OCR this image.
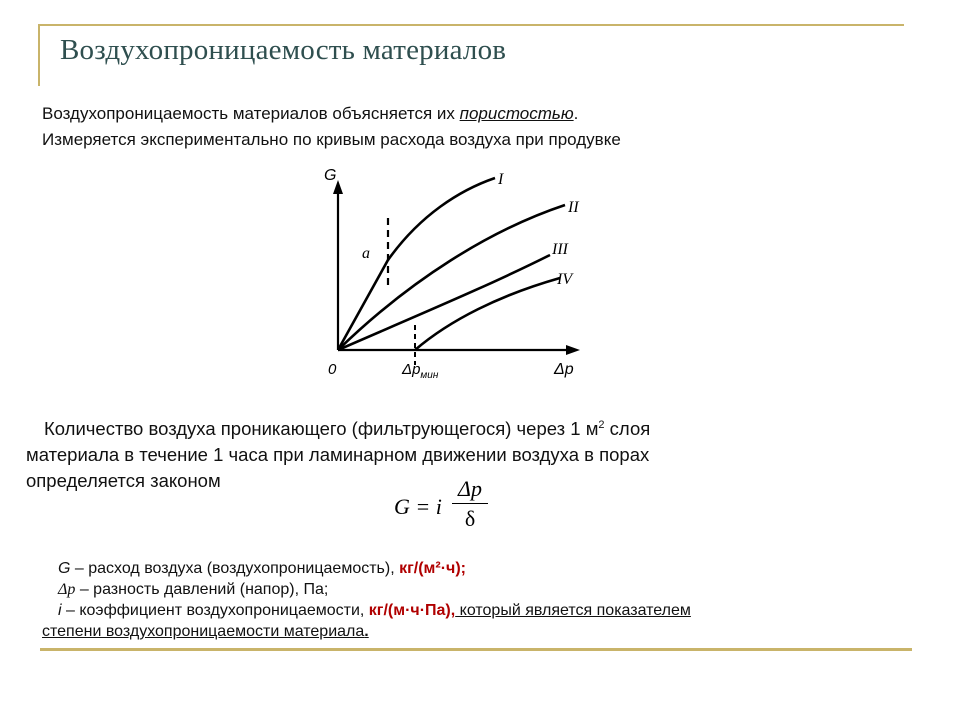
Воздухопроницаемость материалов
Воздухопроницаемость материалов объясняется их пористостью.
Измеряется экспериментально по кривым расхода воздуха при продувке
G
0
a
$\Delta p_{мин}$	Δp
I
II
III
IV
Количество воздуха проникающего (фильтрующегося) через 1 $м^2$ слоя
материала в течение 1 часа при ламинарном движении воздуха в порах
определяется законом
G = i
Δp
δ
G – расход воздуха (воздухопроницаемость), кг/(м²·ч);
Δp – разность давлений (напор), Па;
i – коэффициент воздухопроницаемости, кг/(м·ч·Па), который является показателем
степени воздухопроницаемости материала.
